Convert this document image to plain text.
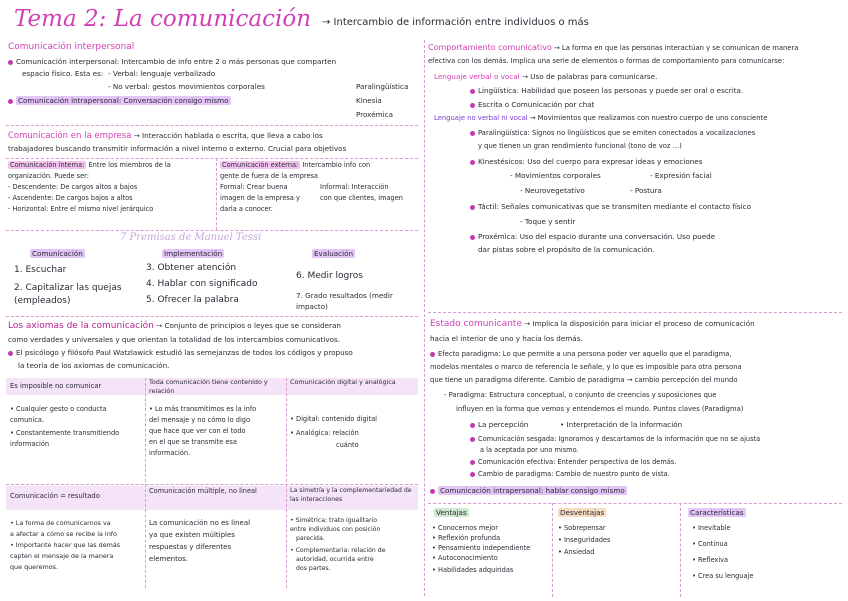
Tema 2: La comunicación → Intercambio de información entre individuos o más
Comunicación interpersonal
Comunicación interpersonal: Intercambio de info entre 2 o más personas que comparten
espacio físico. Esta es: - Verbal: lenguaje verbalizado
- No verbal: gestos movimientos corporales	Paralingüística
Kinesia
Proxémica
Comunicación intrapersonal: Conversación consigo mismo
Comunicación en la empresa → Interacción hablada o escrita, que lleva a cabo los
trabajadores buscando transmitir información a nivel interno o externo. Crucial para objetivos
Comunicación interna: Entre los miembros de la
organización. Puede ser:
- Descendente: De cargos altos a bajos
- Ascendente: De cargos bajos a altos
- Horizontal: Entre el mismo nivel jerárquico
Comunicación externa: Intercambio info con
gente de fuera de la empresa
Formal: Crear buena
imagen de la empresa y
darla a conocer.
Informal: Interacción
con que clientes, imagen
7 Premisas de Manuel Tessi
Comunicación	Implementación	Evaluación
1. Escuchar
2. Capitalizar las quejas (empleados)
3. Obtener atención
4. Hablar con significado
5. Ofrecer la palabra
6. Medir logros
7. Grado resultados (medir impacto)
Los axiomas de la comunicación → Conjunto de principios o leyes que se consideran
como verdades y universales y que orientan la totalidad de los intercambios comunicativos.
El psicólogo y filósofo Paul Watzlawick estudió las semejanzas de todos los códigos y propuso
la teoría de los axiomas de comunicación.
Es imposible no comunicar
• Cualquier gesto o conducta comunica.
• Constantemente transmitiendo información
Toda comunicación tiene contenido y relación
• Lo más transmitimos es la info
del mensaje y no cómo lo digo
que hace que ver con el todo
en el que se transmite esa
información.
Comunicación digital y analógica
• Digital: contenido digital
• Analógica: relación
cuánto
Comunicación = resultado
• La forma de comunicarnos va
a afectar a cómo se recibe la info
• Importante hacer que las demás
capten el mensaje de la manera
que queremos.
Comunicación múltiple, no lineal
La comunicación no es lineal
ya que existen múltiples
respuestas y diferentes
elementos.
La simetría y la complementariedad de las interacciones
• Simétrica: trato igualitario
entre individuos con posición
parecida.
• Complementaria: relación de
autoridad, ocurrida entre
dos partes.
Comportamiento comunicativo → La forma en que las personas interactúan y se comunican de manera
efectiva con los demás. Implica una serie de elementos o formas de comportamiento para comunicarse:
Lenguaje verbal o vocal → Uso de palabras para comunicarse.
Lingüística: Habilidad que poseen las personas y puede ser oral o escrita.
Escrita o Comunicación por chat
Lenguaje no verbal ni vocal → Movimientos que realizamos con nuestro cuerpo de uno consciente
Paralingüística: Signos no lingüísticos que se emiten conectados a vocalizaciones
y que tienen un gran rendimiento funcional (tono de voz ...)
Kinestésicos: Uso del cuerpo para expresar ideas y emociones
- Movimientos corporales	- Expresión facial
- Neurovegetativo	- Postura
Táctil: Señales comunicativas que se transmiten mediante el contacto físico
- Toque y sentir
Proxémica: Uso del espacio durante una conversación. Uso puede
dar pistas sobre el propósito de la comunicación.
Estado comunicante → Implica la disposición para iniciar el proceso de comunicación
hacia el interior de uno y hacia los demás.
Efecto paradigma: Lo que permite a una persona poder ver aquello que el paradigma,
modelos mentales o marco de referencia le señale, y lo que es imposible para otra persona
que tiene un paradigma diferente. Cambio de paradigma → cambio percepción del mundo
- Paradigma: Estructura conceptual, o conjunto de creencias y suposiciones que
influyen en la forma que vemos y entendemos el mundo. Puntos claves (Paradigma)
La percepción	• Interpretación de la información
Comunicación sesgada: Ignoramos y descartamos de la información que no se ajusta
a la aceptada por uno mismo.
Comunicación efectiva: Entender perspectiva de los demás.
Cambio de paradigma: Cambio de nuestro punto de vista.
Comunicación intrapersonal: hablar consigo mismo
Ventajas	Desventajas	Características
• Conocernos mejor
• Reflexión profunda
• Pensamiento independiente
• Autoconocimiento
• Habilidades adquiridas
• Sobrepensar
• Inseguridades
• Ansiedad
• Inevitable
• Continua
• Reflexiva
• Crea su lenguaje
